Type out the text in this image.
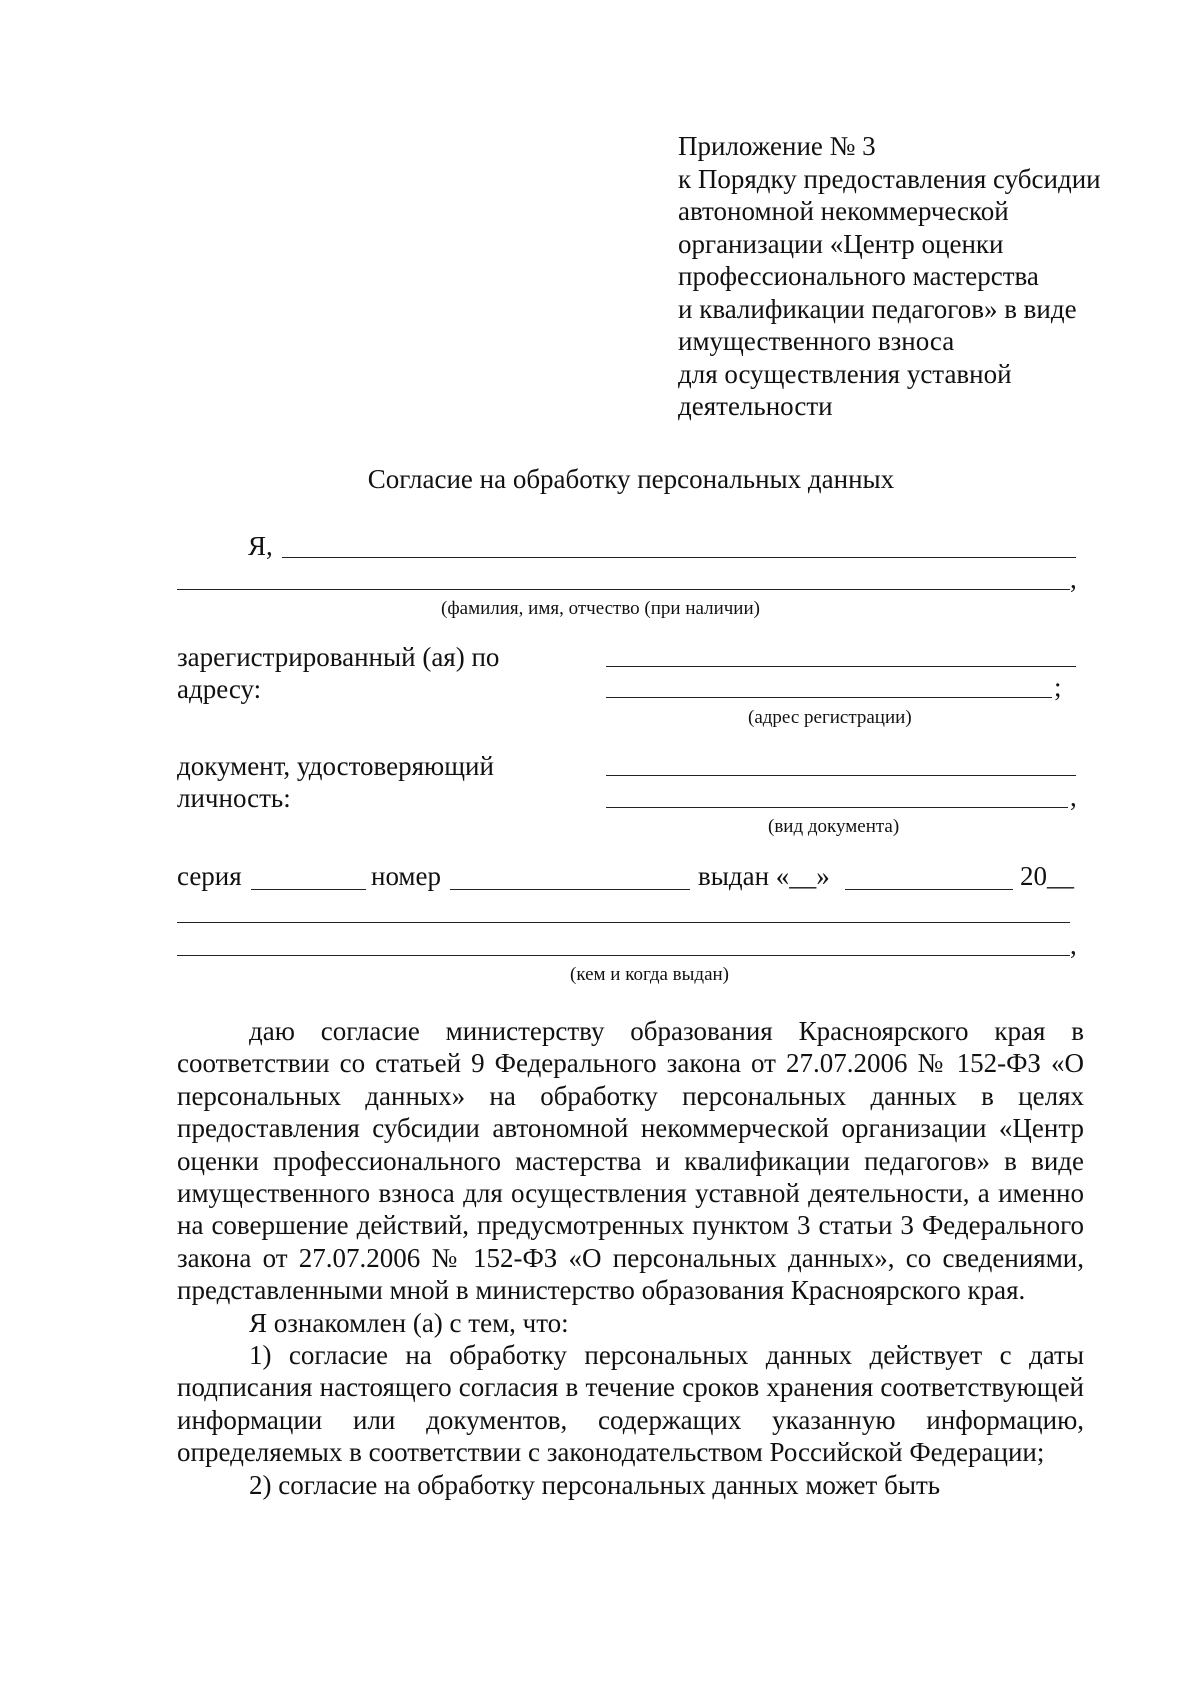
Приложение № 3
к Порядку предоставления субсидии
автономной некоммерческой
организации «Центр оценки
профессионального мастерства
и квалификации педагогов» в виде
имущественного взноса
для осуществления уставной
деятельности
Согласие на обработку персональных данных
Я,
,
(фамилия, имя, отчество (при наличии)
зарегистрированный (ая) по
адресу:	;
(адрес регистрации)
документ, удостоверяющий
личность:	,
(вид документа)
серия	номер	выдан «__»	20__
,
(кем и когда выдан)

даю согласие министерству образования Красноярского края в соответствии со статьей 9 Федерального закона от 27.07.2006 № 152-ФЗ «О персональных данных» на обработку персональных данных в целях предоставления субсидии автономной некоммерческой организации «Центр оценки профессионального мастерства и квалификации педагогов» в виде имущественного взноса для осуществления уставной деятельности, а именно на совершение действий, предусмотренных пунктом 3 статьи 3 Федерального закона от 27.07.2006 № 152-ФЗ «О персональных данных», со сведениями, представленными мной в министерство образования Красноярского края.

Я ознакомлен (а) с тем, что:

1) согласие на обработку персональных данных действует с даты подписания настоящего согласия в течение сроков хранения соответствующей информации или документов, содержащих указанную информацию, определяемых в соответствии с законодательством Российской Федерации;

2) согласие на обработку персональных данных может быть
